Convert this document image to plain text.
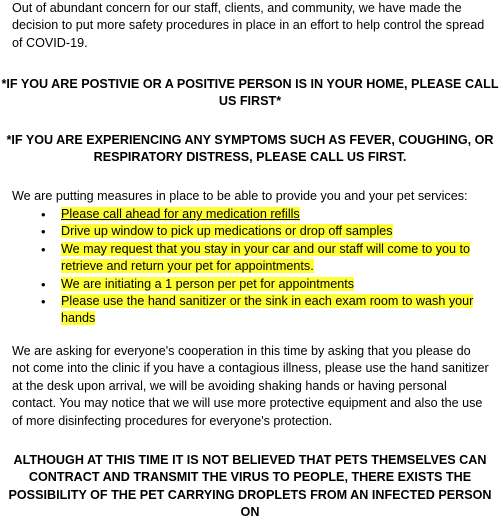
Out of abundant concern for our staff, clients, and community, we have made the decision to put more safety procedures in place in an effort to help control the spread of COVID-19.

*IF YOU ARE POSTIVIE OR A POSITIVE PERSON IS IN YOUR HOME, PLEASE CALL US FIRST*

*IF YOU ARE EXPERIENCING ANY SYMPTOMS SUCH AS FEVER, COUGHING, OR RESPIRATORY DISTRESS, PLEASE CALL US FIRST.

We are putting measures in place to be able to provide you and your pet services:

• Please call ahead for any medication refills
• Drive up window to pick up medications or drop off samples
• We may request that you stay in your car and our staff will come to you to retrieve and return your pet for appointments.
• We are initiating a 1 person per pet for appointments
• Please use the hand sanitizer or the sink in each exam room to wash your hands

We are asking for everyone's cooperation in this time by asking that you please do not come into the clinic if you have a contagious illness, please use the hand sanitizer at the desk upon arrival, we will be avoiding shaking hands or having personal contact. You may notice that we will use more protective equipment and also the use of more disinfecting procedures for everyone's protection.

ALTHOUGH AT THIS TIME IT IS NOT BELIEVED THAT PETS THEMSELVES CAN CONTRACT AND TRANSMIT THE VIRUS TO PEOPLE, THERE EXISTS THE POSSIBILITY OF THE PET CARRYING DROPLETS FROM AN INFECTED PERSON ON
